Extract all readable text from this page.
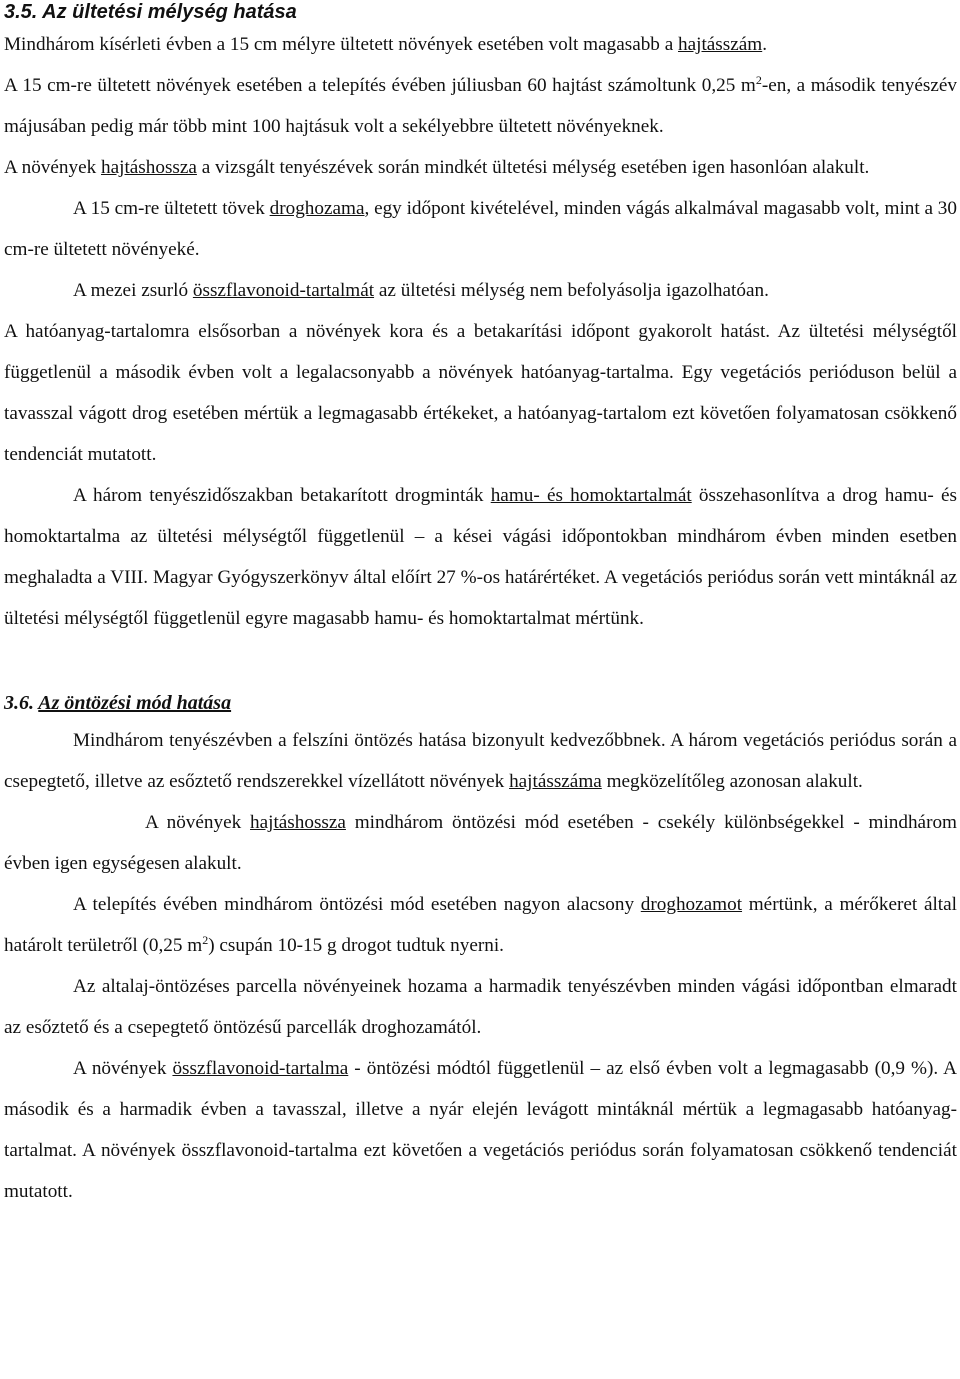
3.5. Az ültetési mélység hatása

Mindhárom kísérleti évben a 15 cm mélyre ültetett növények esetében volt magasabb a hajtásszám.

A 15 cm-re ültetett növények esetében a telepítés évében júliusban 60 hajtást számoltunk 0,25 $m^2-en$, a második tenyészév májusában pedig már több mint 100 hajtásuk volt a sekélyebbre ültetett növényeknek.

A növények hajtáshossza a vizsgált tenyészévek során mindkét ültetési mélység esetében igen hasonlóan alakult.

A 15 cm-re ültetett tövek droghozama, egy időpont kivételével, minden vágás alkalmával magasabb volt, mint a 30 cm-re ültetett növényeké.

A mezei zsurló összflavonoid-tartalmát az ültetési mélység nem befolyásolja igazolhatóan.

A hatóanyag-tartalomra elsősorban a növények kora és a betakarítási időpont gyakorolt hatást. Az ültetési mélységtől függetlenül a második évben volt a legalacsonyabb a növények hatóanyag-tartalma. Egy vegetációs perióduson belül a tavasszal vágott drog esetében mértük a legmagasabb értékeket, a hatóanyag-tartalom ezt követően folyamatosan csökkenő tendenciát mutatott.

A három tenyészidőszakban betakarított drogminták hamu- és homoktartalmát összehasonlítva a drog hamu- és homoktartalma az ültetési mélységtől függetlenül – a kései vágási időpontokban mindhárom évben minden esetben meghaladta a VIII. Magyar Gyógyszerkönyv által előírt 27 %-os határértéket. A vegetációs periódus során vett mintáknál az ültetési mélységtől függetlenül egyre magasabb hamu- és homoktartalmat mértünk.

3.6. Az öntözési mód hatása

Mindhárom tenyészévben a felszíni öntözés hatása bizonyult kedvezőbbnek. A három vegetációs periódus során a csepegtető, illetve az esőztető rendszerekkel vízellátott növények hajtásszáma megközelítőleg azonosan alakult.

A növények hajtáshossza mindhárom öntözési mód esetében - csekély különbségekkel - mindhárom évben igen egységesen alakult.

A telepítés évében mindhárom öntözési mód esetében nagyon alacsony droghozamot mértünk, a mérőkeret által határolt területről (0,25 $m^2$) csupán 10-15 g drogot tudtuk nyerni.

Az altalaj-öntözéses parcella növényeinek hozama a harmadik tenyészévben minden vágási időpontban elmaradt az esőztető és a csepegtető öntözésű parcellák droghozamától.

A növények összflavonoid-tartalma - öntözési módtól függetlenül – az első évben volt a legmagasabb (0,9 %). A második és a harmadik évben a tavasszal, illetve a nyár elején levágott mintáknál mértük a legmagasabb hatóanyag-tartalmat. A növények összflavonoid-tartalma ezt követően a vegetációs periódus során folyamatosan csökkenő tendenciát mutatott.
